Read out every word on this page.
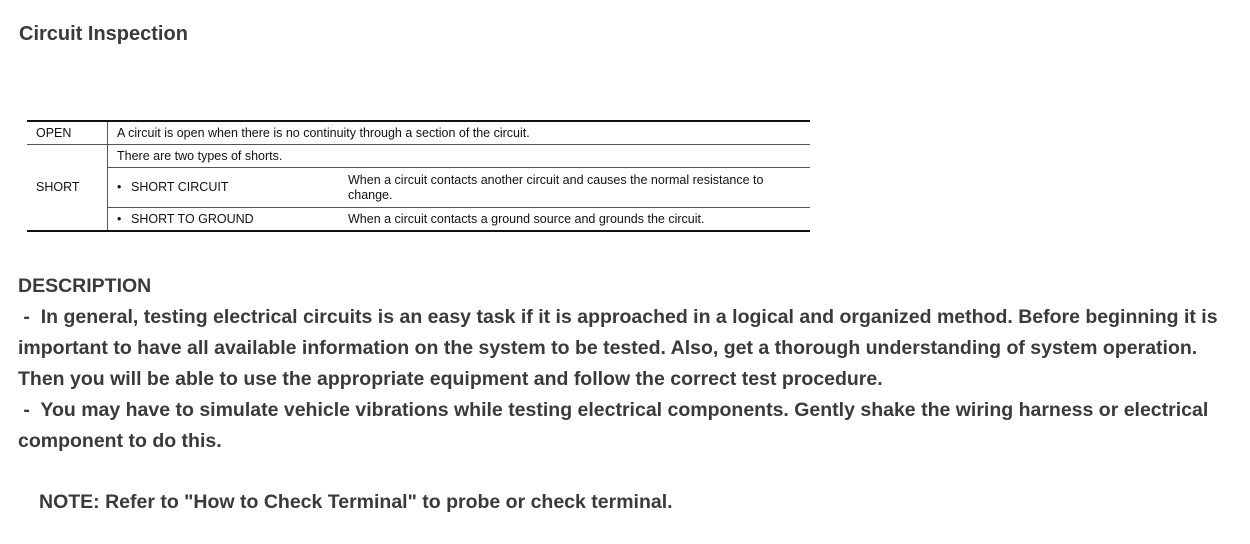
Circuit Inspection
OPEN	A circuit is open when there is no continuity through a section of the circuit.	
SHORT	There are two types of shorts.	
	• SHORT CIRCUIT	When a circuit contacts another circuit and causes the normal resistance to change.
	• SHORT TO GROUND	When a circuit contacts a ground source and grounds the circuit.
DESCRIPTION

-  In general, testing electrical circuits is an easy task if it is approached in a logical and organized method. Before beginning it is important to have all available information on the system to be tested. Also, get a thorough understanding of system operation. Then you will be able to use the appropriate equipment and follow the correct test procedure.

-  You may have to simulate vehicle vibrations while testing electrical components. Gently shake the wiring harness or electrical component to do this.

NOTE: Refer to "How to Check Terminal" to probe or check terminal.
